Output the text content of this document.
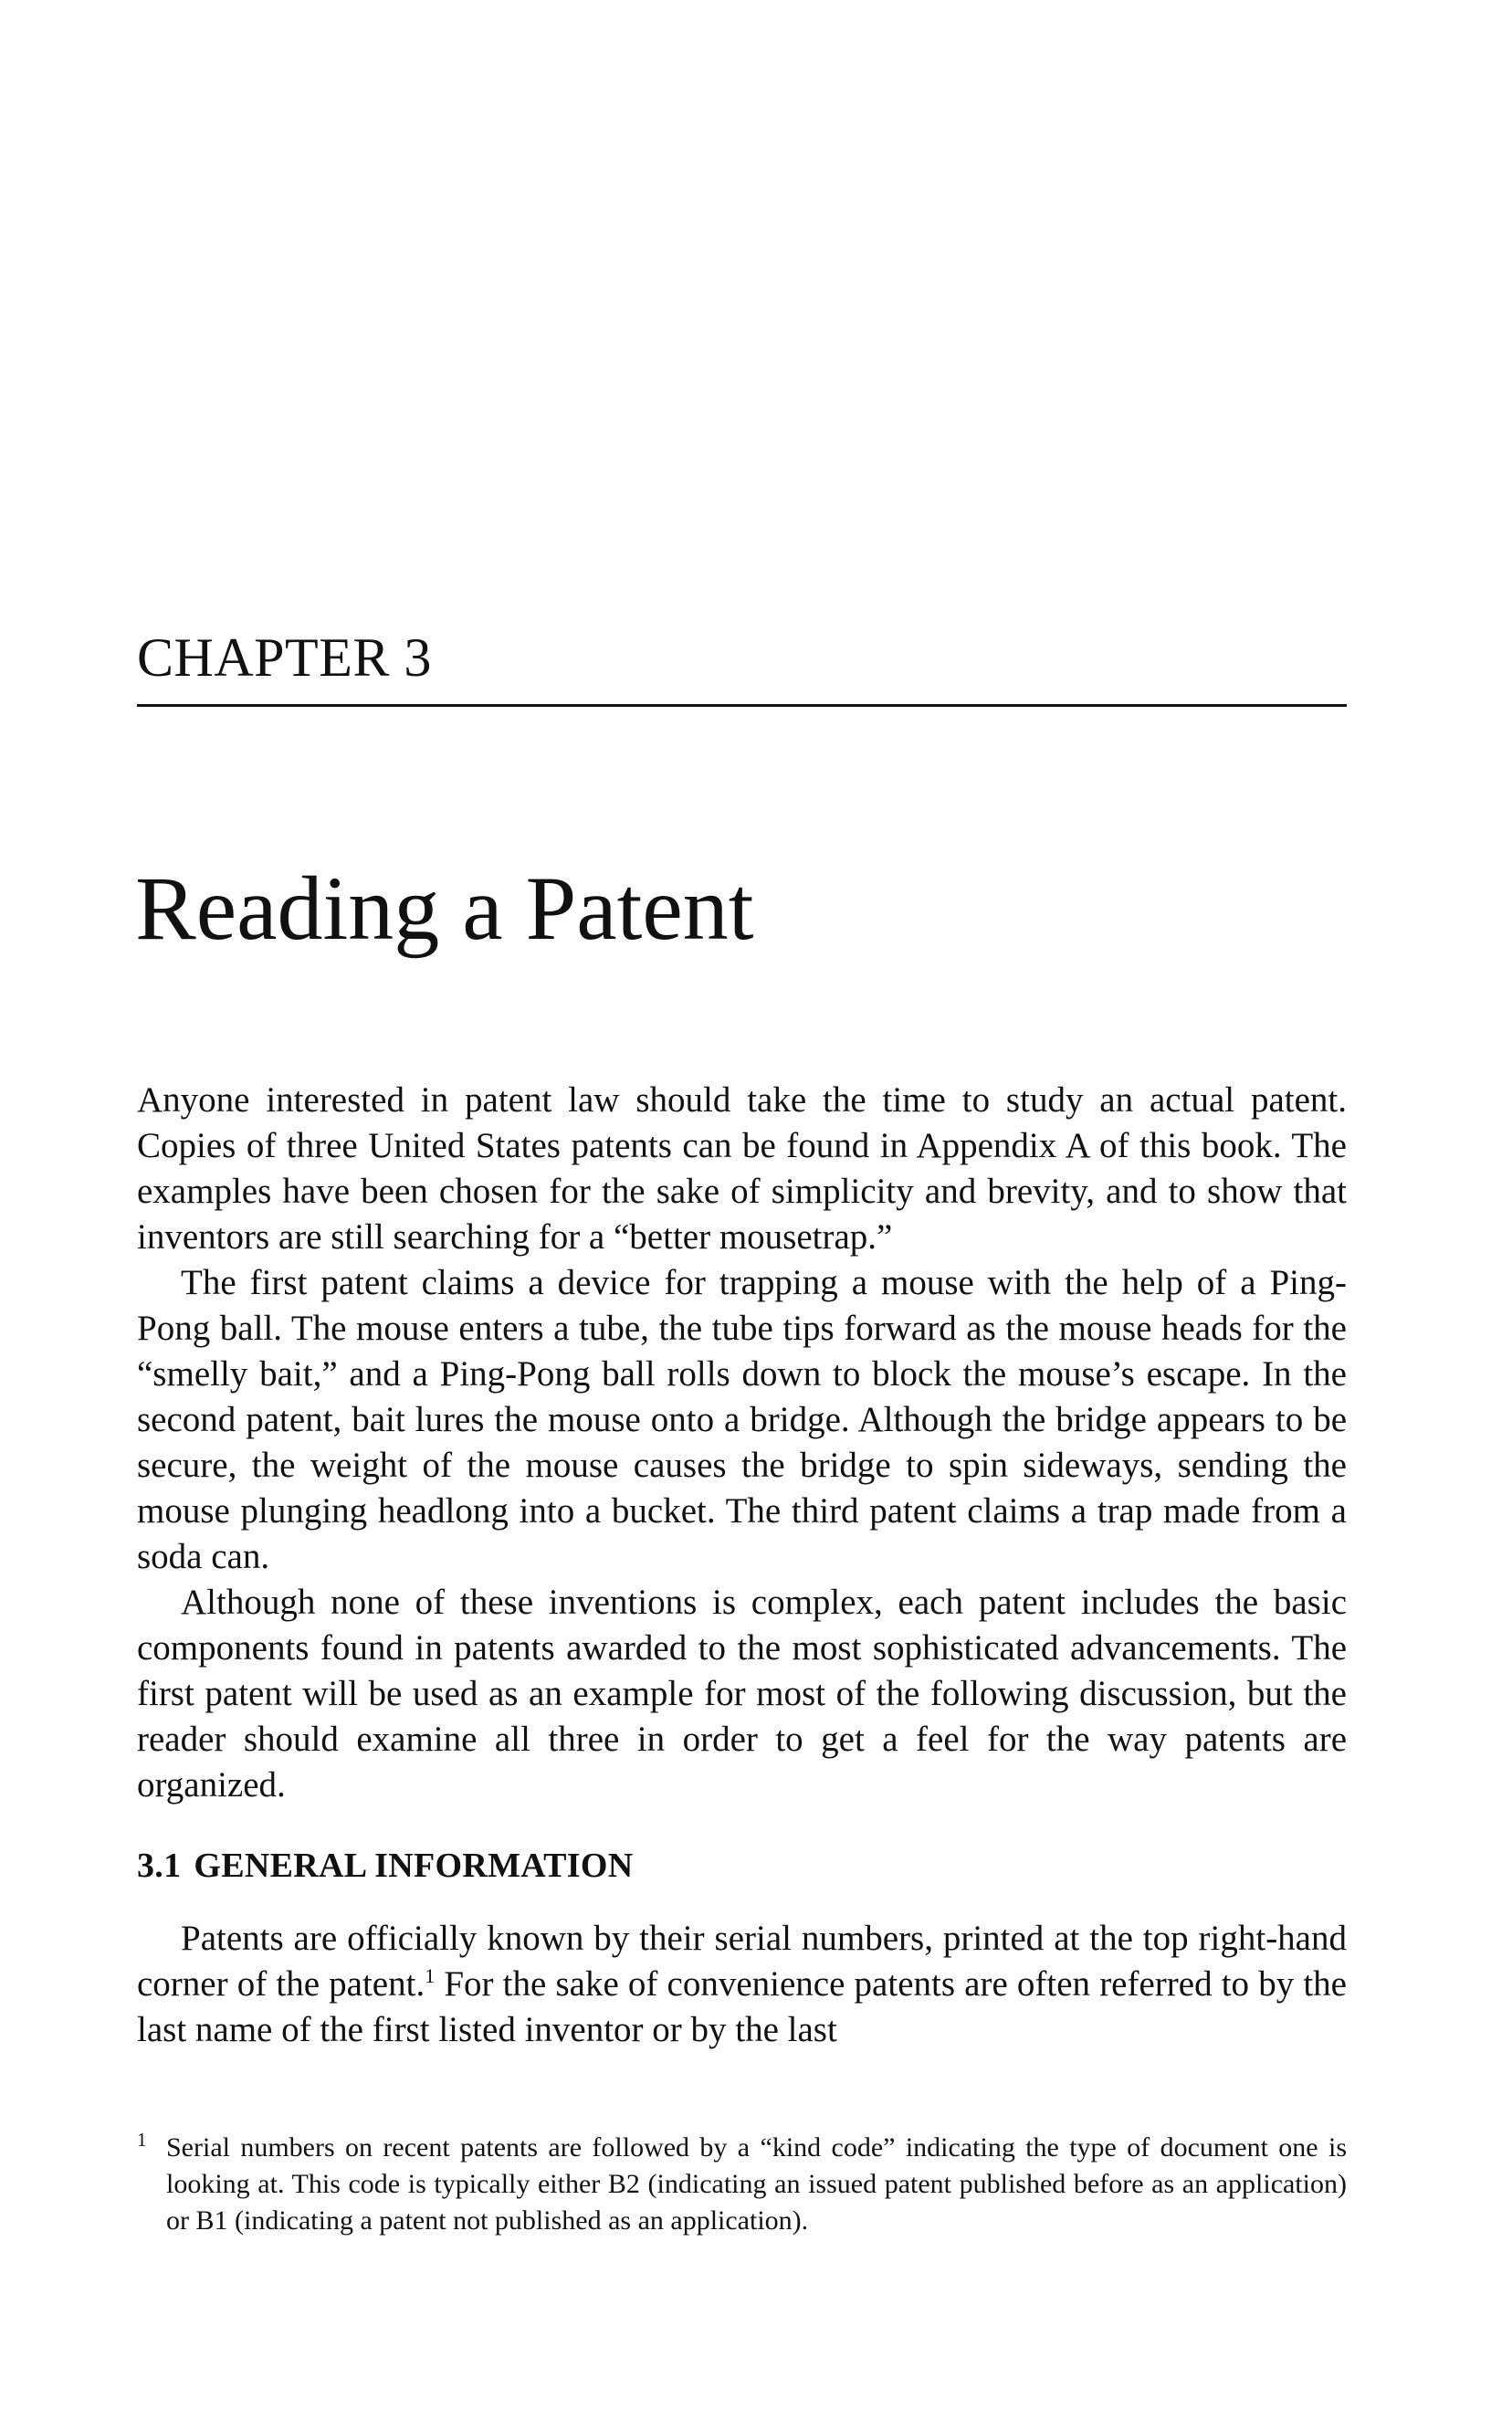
CHAPTER 3
Reading a Patent

Anyone interested in patent law should take the time to study an actual patent. Copies of three United States patents can be found in Appendix A of this book. The examples have been chosen for the sake of simplicity and brevity, and to show that inventors are still searching for a “better mousetrap.”

The first patent claims a device for trapping a mouse with the help of a Ping-Pong ball. The mouse enters a tube, the tube tips forward as the mouse heads for the “smelly bait,” and a Ping-Pong ball rolls down to block the mouse’s escape. In the second patent, bait lures the mouse onto a bridge. Although the bridge appears to be secure, the weight of the mouse causes the bridge to spin sideways, sending the mouse plunging headlong into a bucket. The third patent claims a trap made from a soda can.

Although none of these inventions is complex, each patent includes the basic components found in patents awarded to the most sophisticated advancements. The first patent will be used as an example for most of the following discussion, but the reader should examine all three in order to get a feel for the way patents are organized.

3.1 GENERAL INFORMATION

Patents are officially known by their serial numbers, printed at the top right-hand corner of the patent.$^1$ For the sake of convenience patents are often referred to by the last name of the first listed inventor or by the last

1 Serial numbers on recent patents are followed by a “kind code” indicating the type of document one is looking at. This code is typically either B2 (indicating an issued patent published before as an application) or B1 (indicating a patent not published as an application).
